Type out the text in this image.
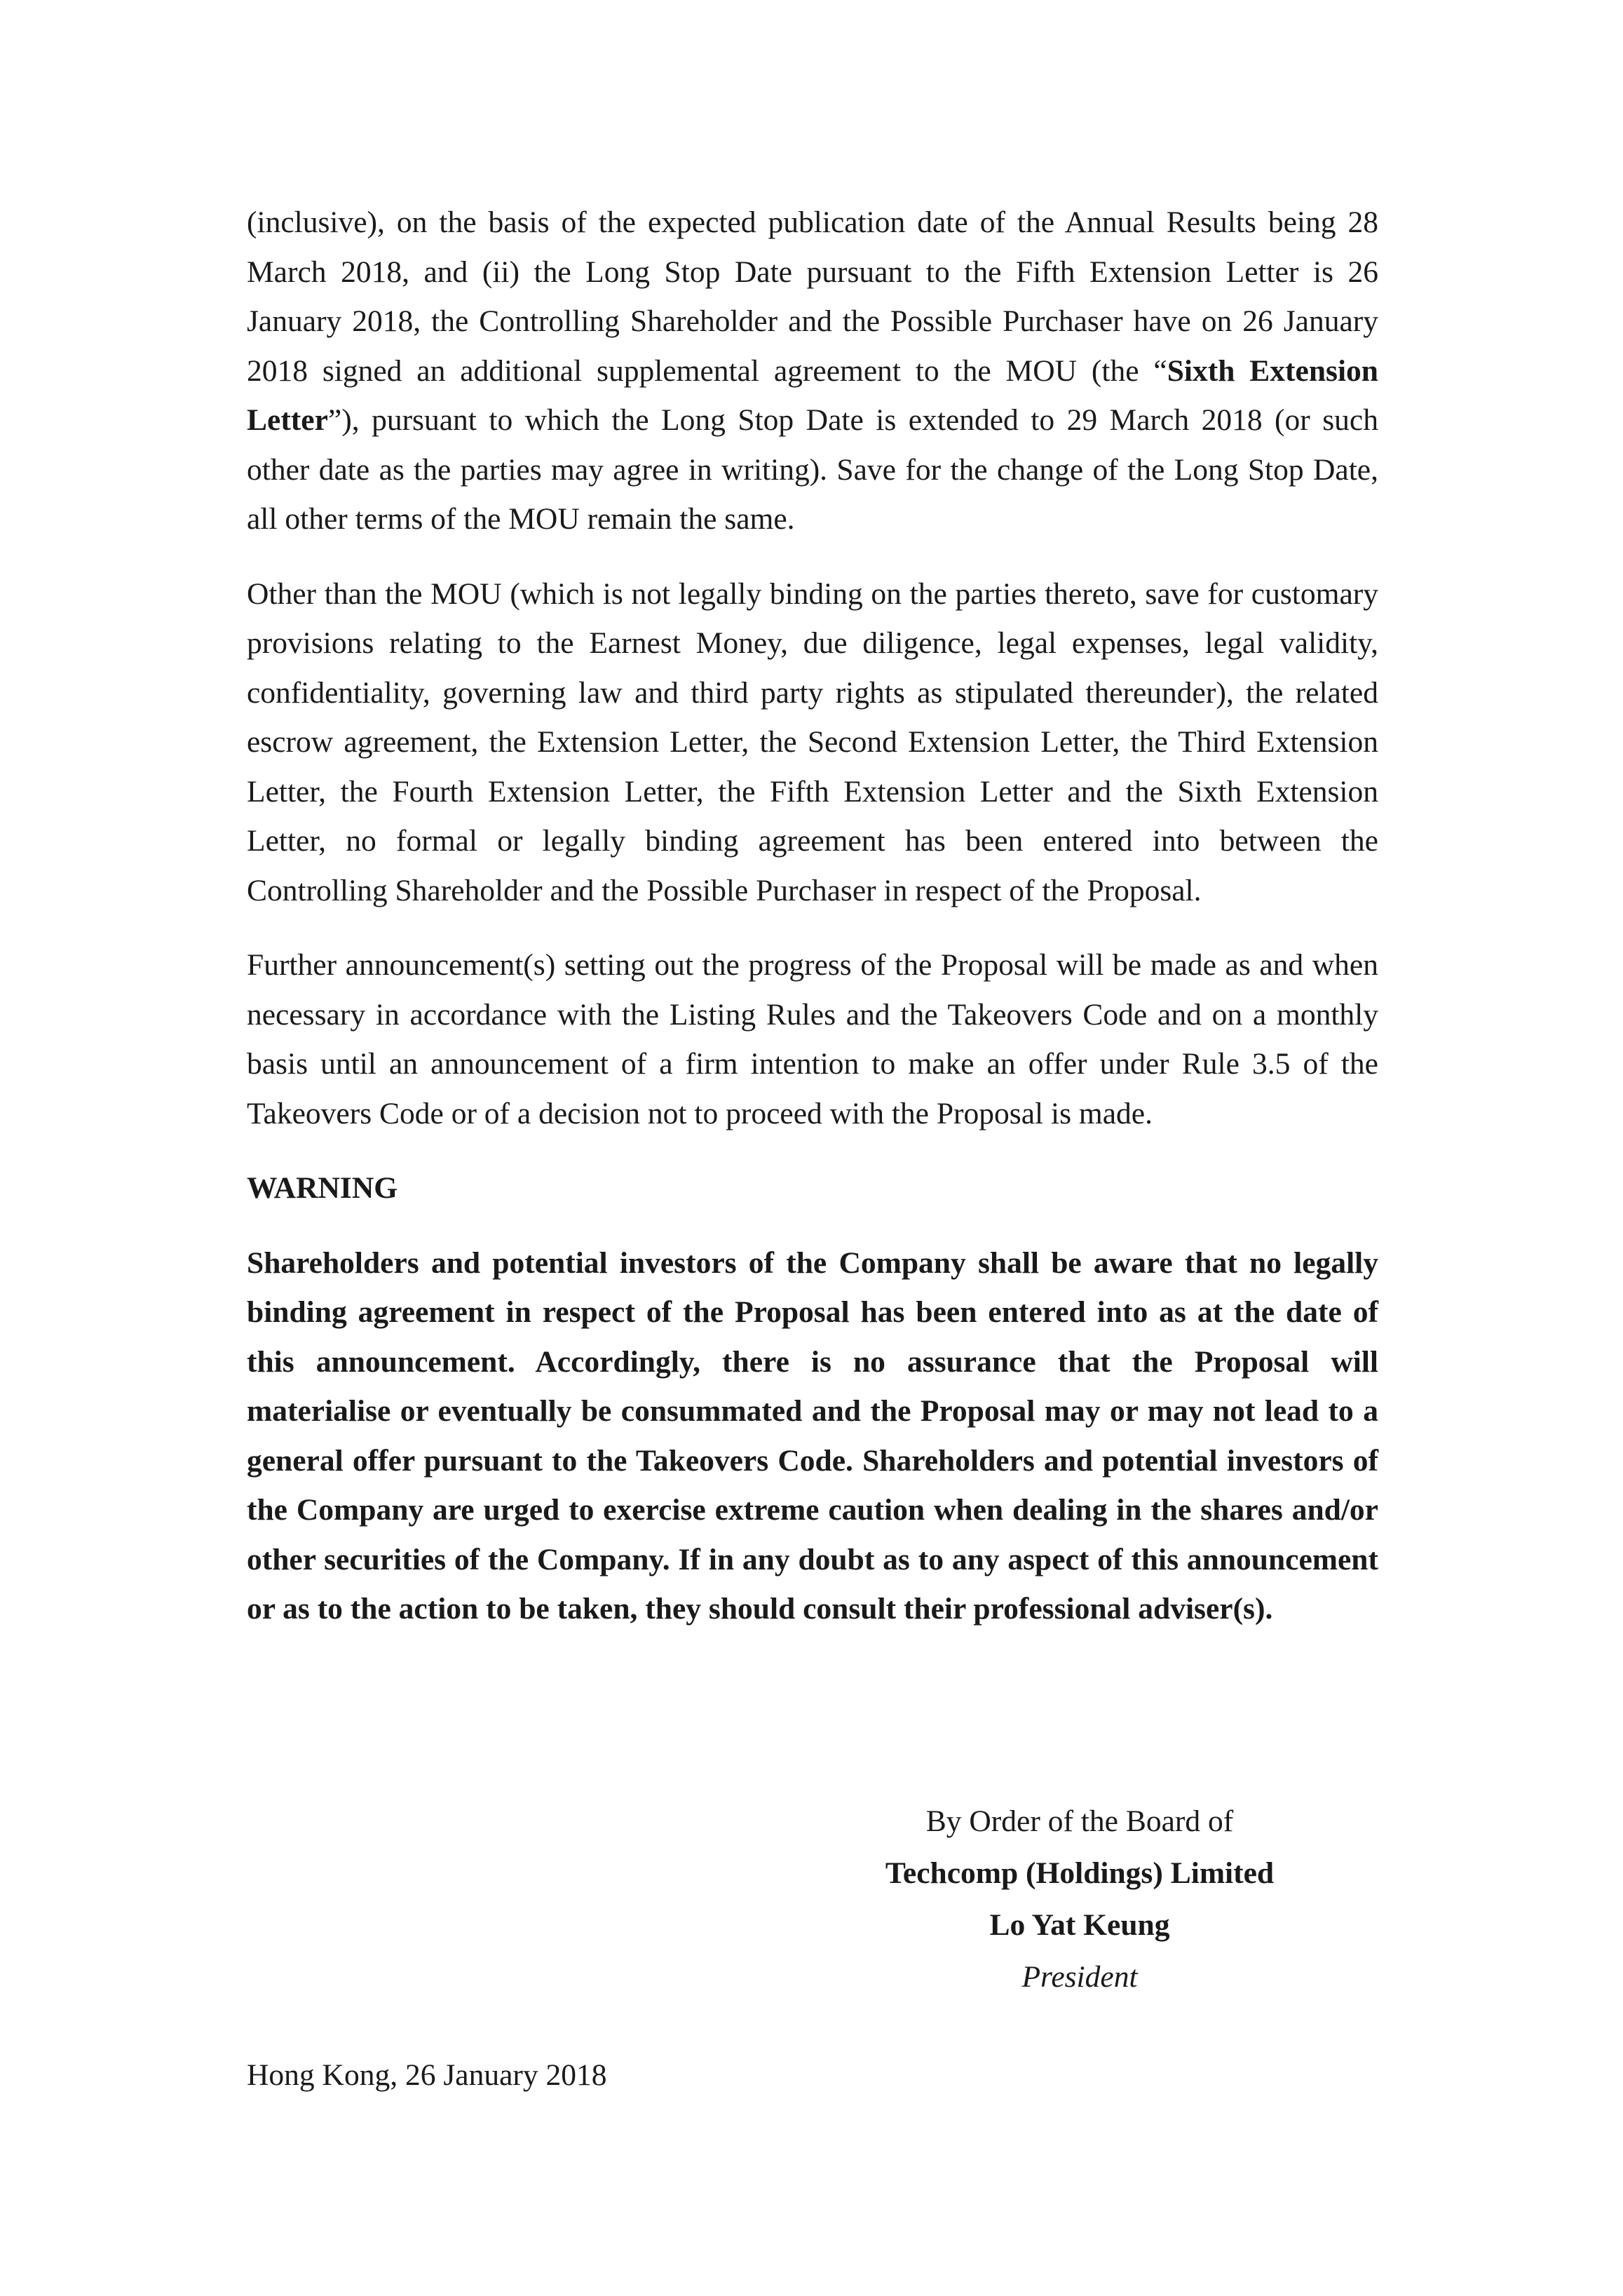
(inclusive), on the basis of the expected publication date of the Annual Results being 28 March 2018, and (ii) the Long Stop Date pursuant to the Fifth Extension Letter is 26 January 2018, the Controlling Shareholder and the Possible Purchaser have on 26 January 2018 signed an additional supplemental agreement to the MOU (the “Sixth Extension Letter”), pursuant to which the Long Stop Date is extended to 29 March 2018 (or such other date as the parties may agree in writing). Save for the change of the Long Stop Date, all other terms of the MOU remain the same.

Other than the MOU (which is not legally binding on the parties thereto, save for customary provisions relating to the Earnest Money, due diligence, legal expenses, legal validity, confidentiality, governing law and third party rights as stipulated thereunder), the related escrow agreement, the Extension Letter, the Second Extension Letter, the Third Extension Letter, the Fourth Extension Letter, the Fifth Extension Letter and the Sixth Extension Letter, no formal or legally binding agreement has been entered into between the Controlling Shareholder and the Possible Purchaser in respect of the Proposal.

Further announcement(s) setting out the progress of the Proposal will be made as and when necessary in accordance with the Listing Rules and the Takeovers Code and on a monthly basis until an announcement of a firm intention to make an offer under Rule 3.5 of the Takeovers Code or of a decision not to proceed with the Proposal is made.

WARNING

Shareholders and potential investors of the Company shall be aware that no legally binding agreement in respect of the Proposal has been entered into as at the date of this announcement. Accordingly, there is no assurance that the Proposal will materialise or eventually be consummated and the Proposal may or may not lead to a general offer pursuant to the Takeovers Code. Shareholders and potential investors of the Company are urged to exercise extreme caution when dealing in the shares and/or other securities of the Company. If in any doubt as to any aspect of this announcement or as to the action to be taken, they should consult their professional adviser(s).

By Order of the Board of
Techcomp (Holdings) Limited
Lo Yat Keung
President
Hong Kong, 26 January 2018
